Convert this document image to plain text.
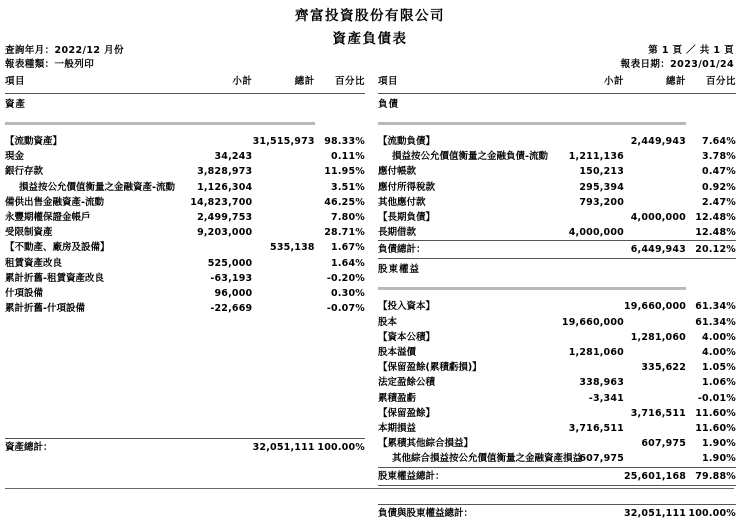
齊富投資股份有限公司
資產負債表
查詢年月：2022/12 月份
報表種類：一般列印
第 1 頁 ／ 共 1 頁
報表日期：2023/01/24
項目	小計	總計	百分比

資產			

【流動資產】		31,515,973	98.33%
現金	34,243		0.11%
銀行存款	3,828,973		11.95%

損益按公允價值衡量之金融資產-流動	1,126,304		3.51%
備供出售金融資產-流動	14,823,700		46.25%
永豐期權保證金帳戶	2,499,753		7.80%
受限制資產	9,203,000		28.71%
【不動產、廠房及設備】		535,138	1.67%
租賃資產改良	525,000		1.64%
累計折舊-租賃資產改良	-63,193		-0.20%
什項設備	96,000		0.30%
累計折舊-什項設備	-22,669		-0.07%

資產總計：		32,051,111	100.00%
項目	小計	總計	百分比

負債			

【流動負債】		2,449,943	7.64%

損益按公允價值衡量之金融負債-流動	1,211,136		3.78%
應付帳款	150,213		0.47%
應付所得稅款	295,394		0.92%
其他應付款	793,200		2.47%
【長期負債】		4,000,000	12.48%
長期借款	4,000,000		12.48%
負債總計：		6,449,943	20.12%
股東權益			

【投入資本】		19,660,000	61.34%
股本	19,660,000		61.34%
【資本公積】		1,281,060	4.00%
股本溢價	1,281,060		4.00%
【保留盈餘(累積虧損)】		335,622	1.05%
法定盈餘公積	338,963		1.06%
累積盈虧	-3,341		-0.01%
【保留盈餘】		3,716,511	11.60%
本期損益	3,716,511		11.60%
【累積其他綜合損益】		607,975	1.90%

其他綜合損益按公允價值衡量之金融資產損益	607,975		1.90%
股東權益總計：		25,601,168	79.88%

負債與股東權益總計：		32,051,111	100.00%
